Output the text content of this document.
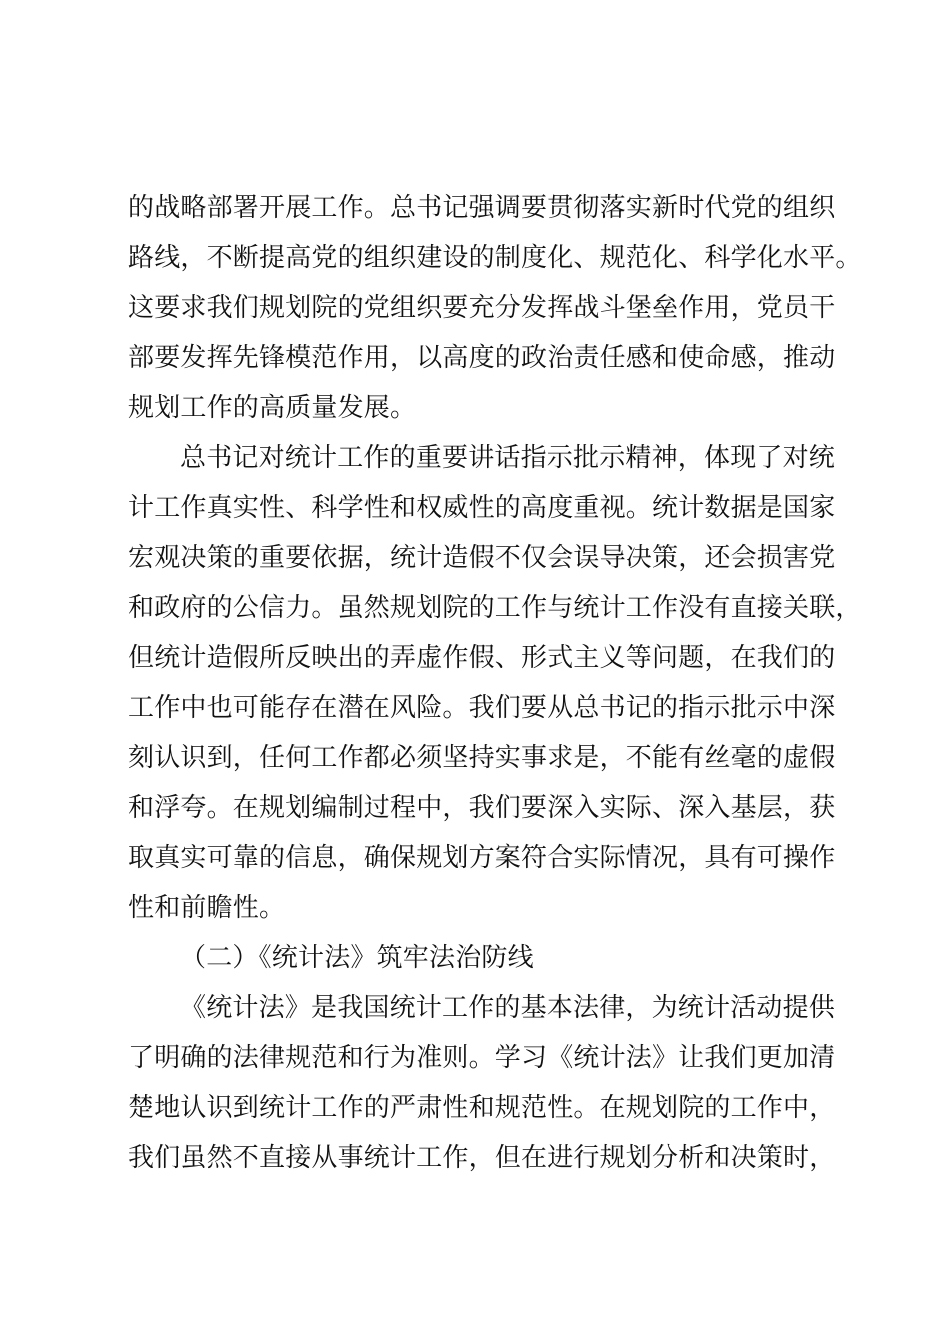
的战略部署开展工作。总书记强调要贯彻落实新时代党的组织
路线，不断提高党的组织建设的制度化、规范化、科学化水平。
这要求我们规划院的党组织要充分发挥战斗堡垒作用，党员干
部要发挥先锋模范作用，以高度的政治责任感和使命感，推动
规划工作的高质量发展。
总书记对统计工作的重要讲话指示批示精神，体现了对统
计工作真实性、科学性和权威性的高度重视。统计数据是国家
宏观决策的重要依据，统计造假不仅会误导决策，还会损害党
和政府的公信力。虽然规划院的工作与统计工作没有直接关联，
但统计造假所反映出的弄虚作假、形式主义等问题，在我们的
工作中也可能存在潜在风险。我们要从总书记的指示批示中深
刻认识到，任何工作都必须坚持实事求是，不能有丝毫的虚假
和浮夸。在规划编制过程中，我们要深入实际、深入基层，获
取真实可靠的信息，确保规划方案符合实际情况，具有可操作
性和前瞻性。
（二）《统计法》筑牢法治防线
《统计法》是我国统计工作的基本法律，为统计活动提供
了明确的法律规范和行为准则。学习《统计法》让我们更加清
楚地认识到统计工作的严肃性和规范性。在规划院的工作中，
我们虽然不直接从事统计工作，但在进行规划分析和决策时，
